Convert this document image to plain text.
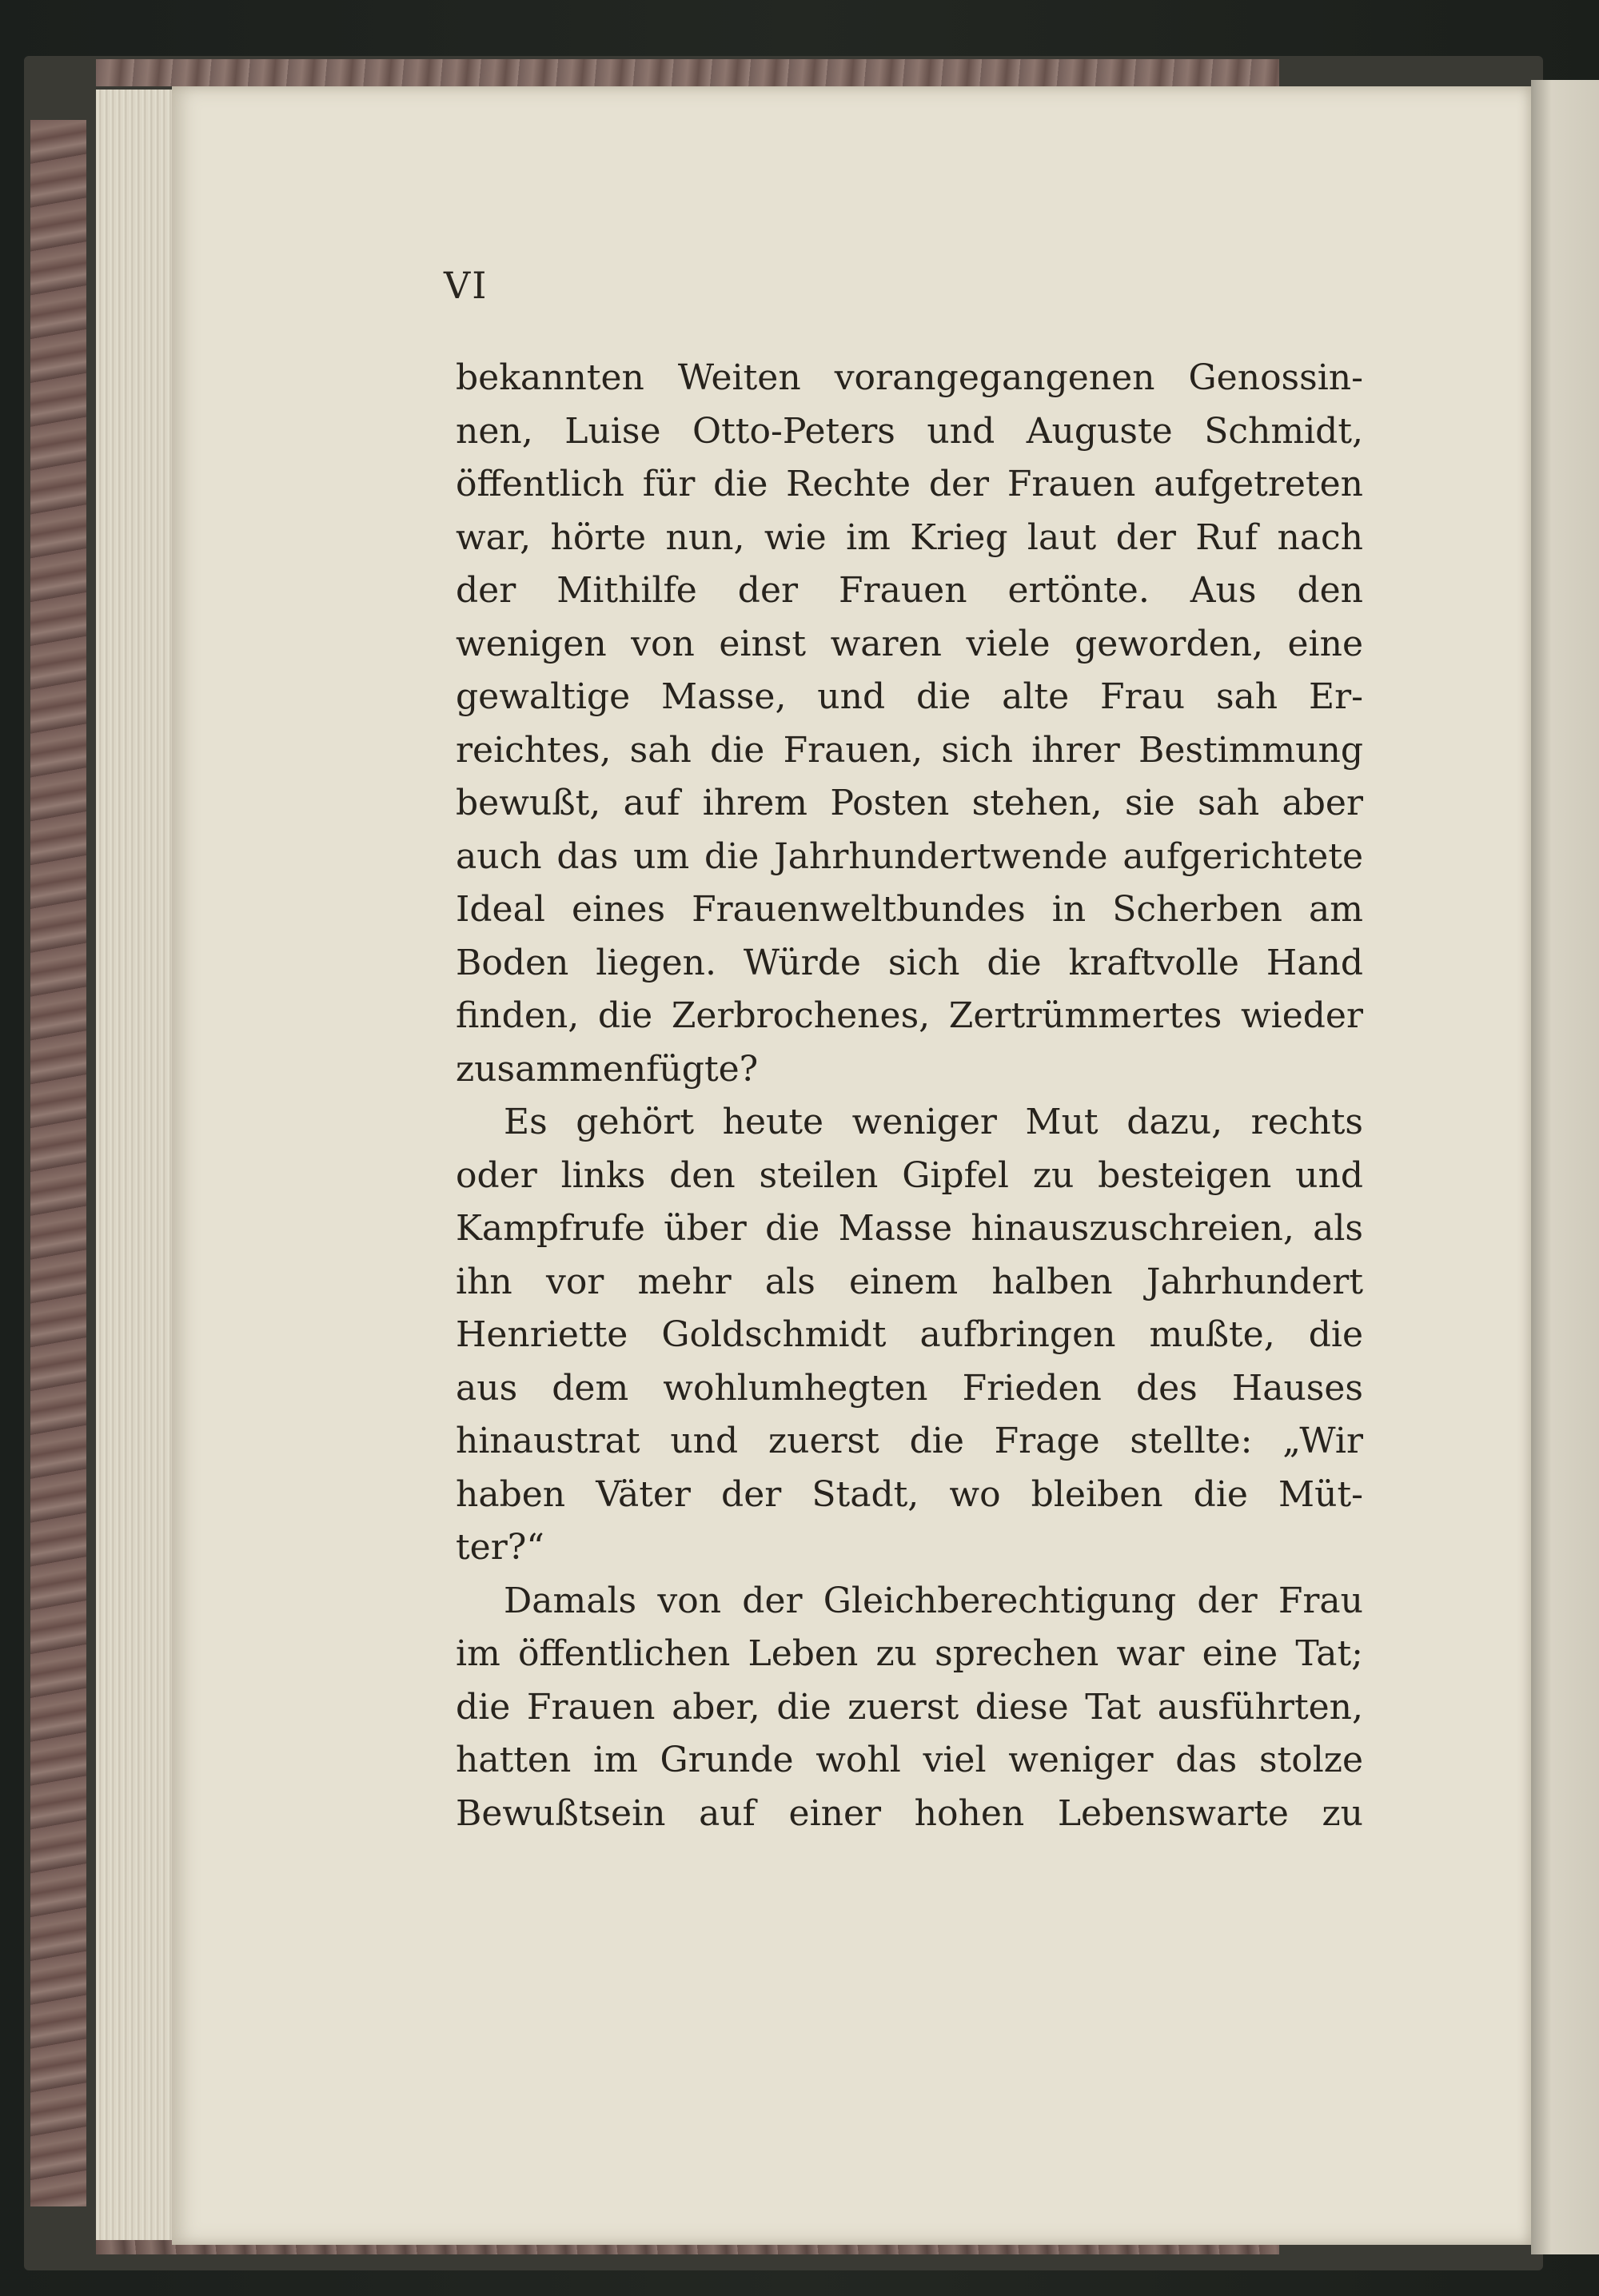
VI
bekannten Weiten vorangegangenen Genossin-
nen, Luise Otto-Peters und Auguste Schmidt,
öffentlich für die Rechte der Frauen aufgetreten
war, hörte nun, wie im Krieg laut der Ruf nach
der Mithilfe der Frauen ertönte. Aus den
wenigen von einst waren viele geworden, eine
gewaltige Masse, und die alte Frau sah Er-
reichtes, sah die Frauen, sich ihrer Bestimmung
bewußt, auf ihrem Posten stehen, sie sah aber
auch das um die Jahrhundertwende aufgerichtete
Ideal eines Frauenweltbundes in Scherben am
Boden liegen. Würde sich die kraftvolle Hand
finden, die Zerbrochenes, Zertrümmertes wieder
zusammenfügte?
Es gehört heute weniger Mut dazu, rechts
oder links den steilen Gipfel zu besteigen und
Kampfrufe über die Masse hinauszuschreien, als
ihn vor mehr als einem halben Jahrhundert
Henriette Goldschmidt aufbringen mußte, die
aus dem wohlumhegten Frieden des Hauses
hinaustrat und zuerst die Frage stellte: „Wir
haben Väter der Stadt, wo bleiben die Müt-
ter?“
Damals von der Gleichberechtigung der Frau
im öffentlichen Leben zu sprechen war eine Tat;
die Frauen aber, die zuerst diese Tat ausführten,
hatten im Grunde wohl viel weniger das stolze
Bewußtsein auf einer hohen Lebenswarte zu
